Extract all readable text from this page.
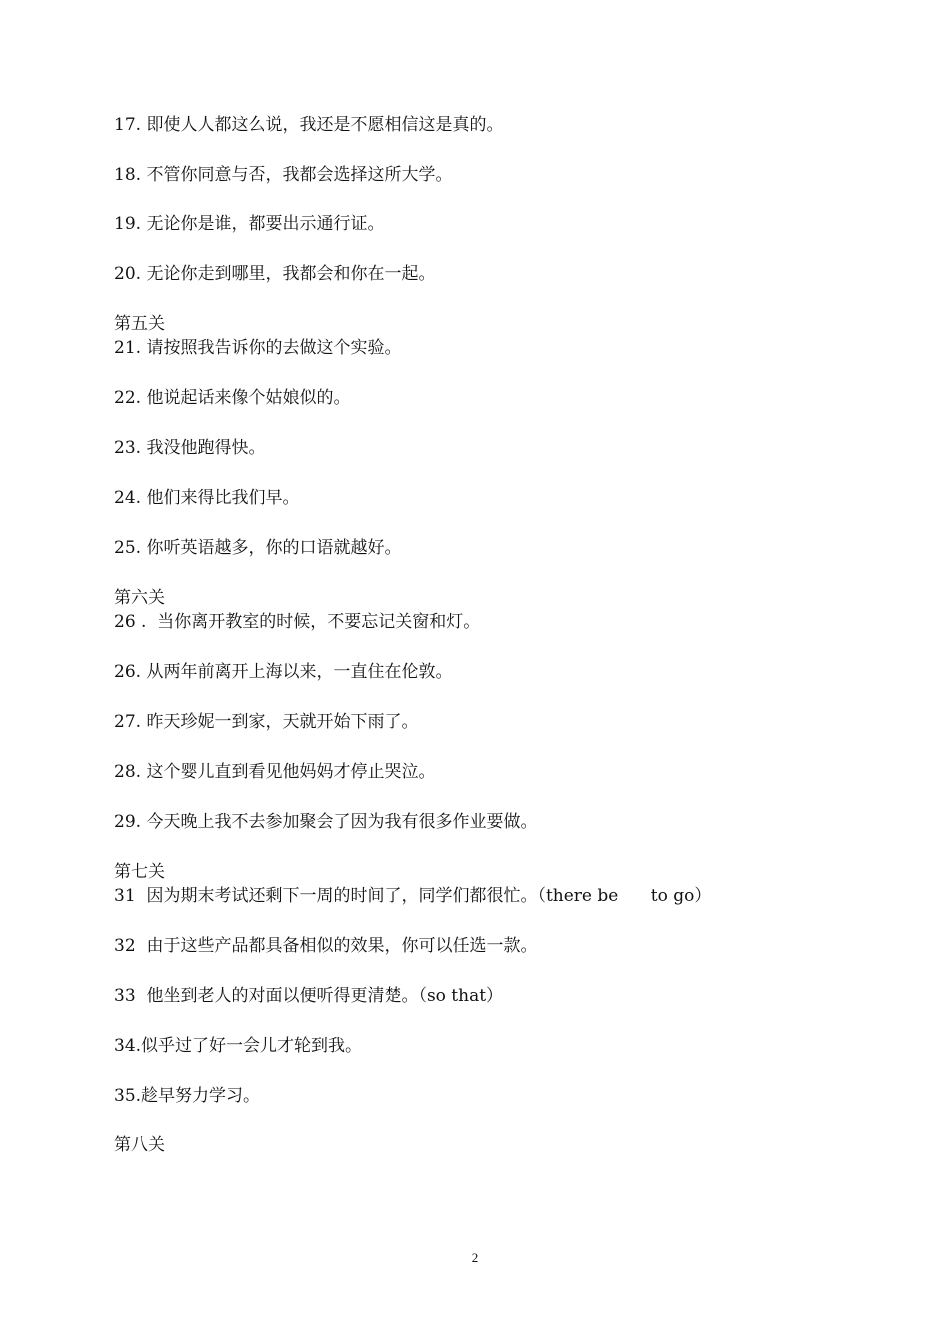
17. 即使人人都这么说，我还是不愿相信这是真的。
18. 不管你同意与否，我都会选择这所大学。
19. 无论你是谁，都要出示通行证。
20. 无论你走到哪里，我都会和你在一起。
第五关
21. 请按照我告诉你的去做这个实验。
22. 他说起话来像个姑娘似的。
23. 我没他跑得快。
24. 他们来得比我们早。
25. 你听英语越多，你的口语就越好。
第六关
26 .  当你离开教室的时候，不要忘记关窗和灯。
26. 从两年前离开上海以来，一直住在伦敦。
27. 昨天珍妮一到家，天就开始下雨了。
28. 这个婴儿直到看见他妈妈才停止哭泣。
29. 今天晚上我不去参加聚会了因为我有很多作业要做。
第七关
31  因为期末考试还剩下一周的时间了，同学们都很忙。（there be      to go）
32  由于这些产品都具备相似的效果，你可以任选一款。
33  他坐到老人的对面以便听得更清楚。（so that）
34.似乎过了好一会儿才轮到我。
35.趁早努力学习。
第八关
2
